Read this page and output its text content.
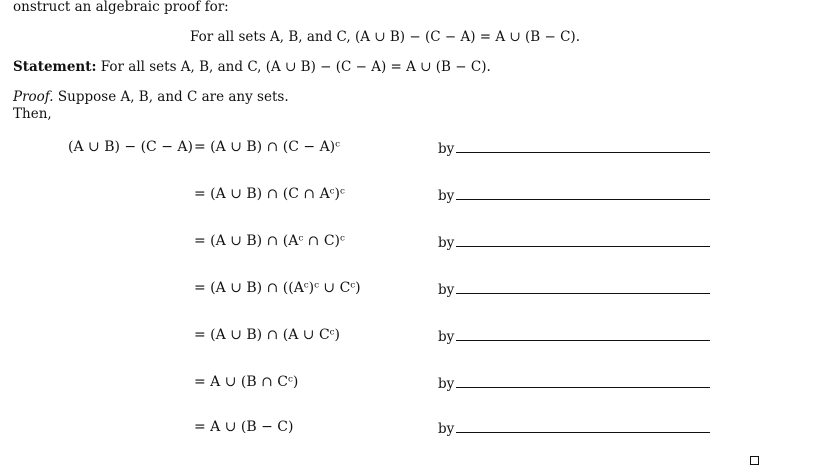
onstruct an algebraic proof for:
For all sets A, B, and C, (A ∪ B) − (C − A) = A ∪ (B − C).
Statement: For all sets A, B, and C, (A ∪ B) − (C − A) = A ∪ (B − C).
Proof. Suppose A, B, and C are any sets.
Then,
(A ∪ B) − (C − A) = (A ∪ B) ∩ (C − A)ᶜ	by
= (A ∪ B) ∩ (C ∩ Aᶜ)ᶜ	by
= (A ∪ B) ∩ (Aᶜ ∩ C)ᶜ	by
= (A ∪ B) ∩ ((Aᶜ)ᶜ ∪ Cᶜ)	by
= (A ∪ B) ∩ (A ∪ Cᶜ)	by
= A ∪ (B ∩ Cᶜ)	by
= A ∪ (B − C)	by
